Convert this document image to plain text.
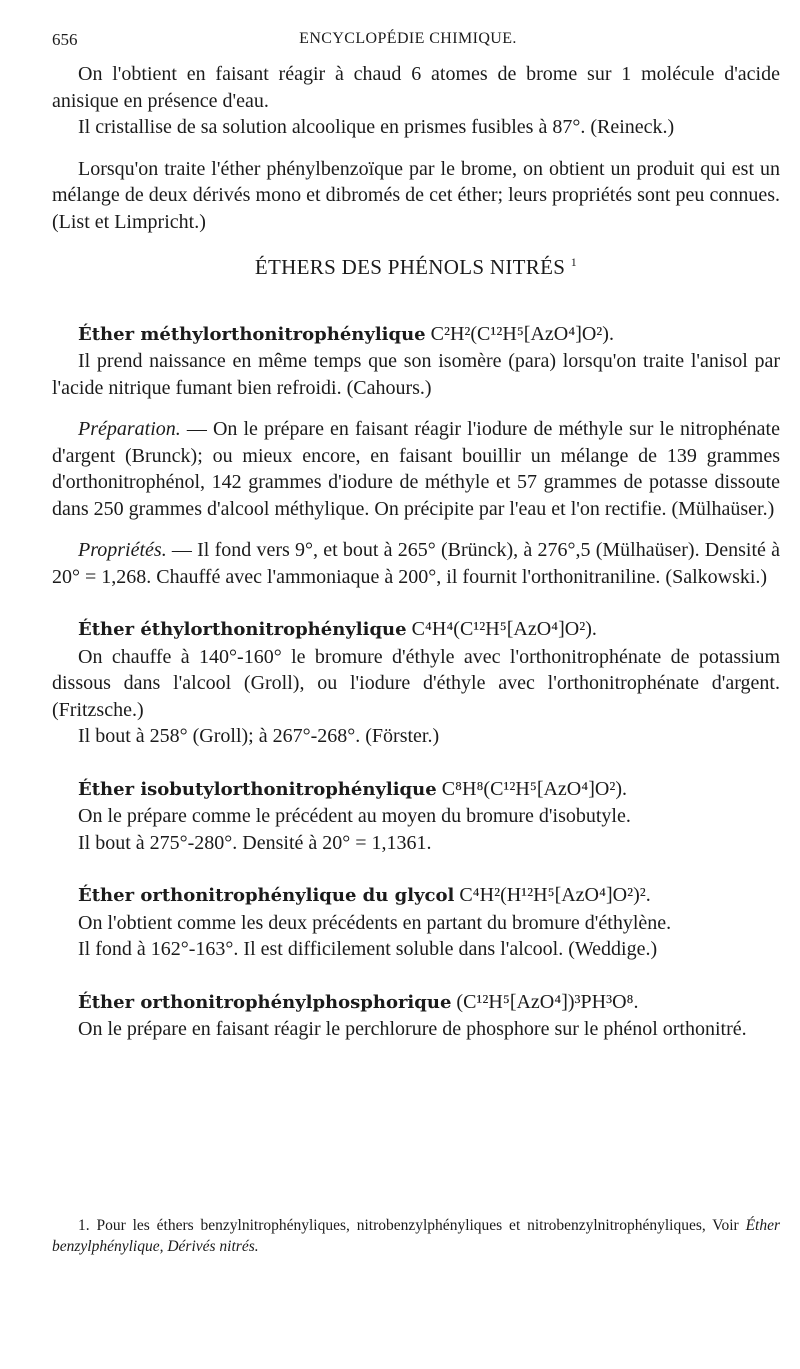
656	ENCYCLOPÉDIE CHIMIQUE.

On l'obtient en faisant réagir à chaud 6 atomes de brome sur 1 molécule d'acide anisique en présence d'eau.

Il cristallise de sa solution alcoolique en prismes fusibles à 87°. (Reineck.)

Lorsqu'on traite l'éther phénylbenzoïque par le brome, on obtient un produit qui est un mélange de deux dérivés mono et dibromés de cet éther; leurs propriétés sont peu connues. (List et Limpricht.)

ÉTHERS DES PHÉNOLS NITRÉS $^1$

Éther méthylorthonitrophénylique C²H²(C¹²H⁵[AzO⁴]O²).

Il prend naissance en même temps que son isomère (para) lorsqu'on traite l'anisol par l'acide nitrique fumant bien refroidi. (Cahours.)

Préparation. — On le prépare en faisant réagir l'iodure de méthyle sur le nitrophénate d'argent (Brunck); ou mieux encore, en faisant bouillir un mélange de 139 grammes d'orthonitrophénol, 142 grammes d'iodure de méthyle et 57 grammes de potasse dissoute dans 250 grammes d'alcool méthylique. On précipite par l'eau et l'on rectifie. (Mülhaüser.)

Propriétés. — Il fond vers 9°, et bout à 265° (Brünck), à 276°,5 (Mülhaüser). Densité à 20° = 1,268. Chauffé avec l'ammoniaque à 200°, il fournit l'orthonitraniline. (Salkowski.)

Éther éthylorthonitrophénylique C⁴H⁴(C¹²H⁵[AzO⁴]O²).

On chauffe à 140°-160° le bromure d'éthyle avec l'orthonitrophénate de potassium dissous dans l'alcool (Groll), ou l'iodure d'éthyle avec l'orthonitrophénate d'argent. (Fritzsche.)

Il bout à 258° (Groll); à 267°-268°. (Förster.)

Éther isobutylorthonitrophénylique C⁸H⁸(C¹²H⁵[AzO⁴]O²).

On le prépare comme le précédent au moyen du bromure d'isobutyle.

Il bout à 275°-280°. Densité à 20° = 1,1361.

Éther orthonitrophénylique du glycol C⁴H²(H¹²H⁵[AzO⁴]O²)².

On l'obtient comme les deux précédents en partant du bromure d'éthylène.

Il fond à 162°-163°. Il est difficilement soluble dans l'alcool. (Weddige.)

Éther orthonitrophénylphosphorique (C¹²H⁵[AzO⁴])³PH³O⁸.

On le prépare en faisant réagir le perchlorure de phosphore sur le phénol orthonitré.

1. Pour les éthers benzylnitrophényliques, nitrobenzylphényliques et nitrobenzylnitrophényliques, Voir Éther benzylphénylique, Dérivés nitrés.
